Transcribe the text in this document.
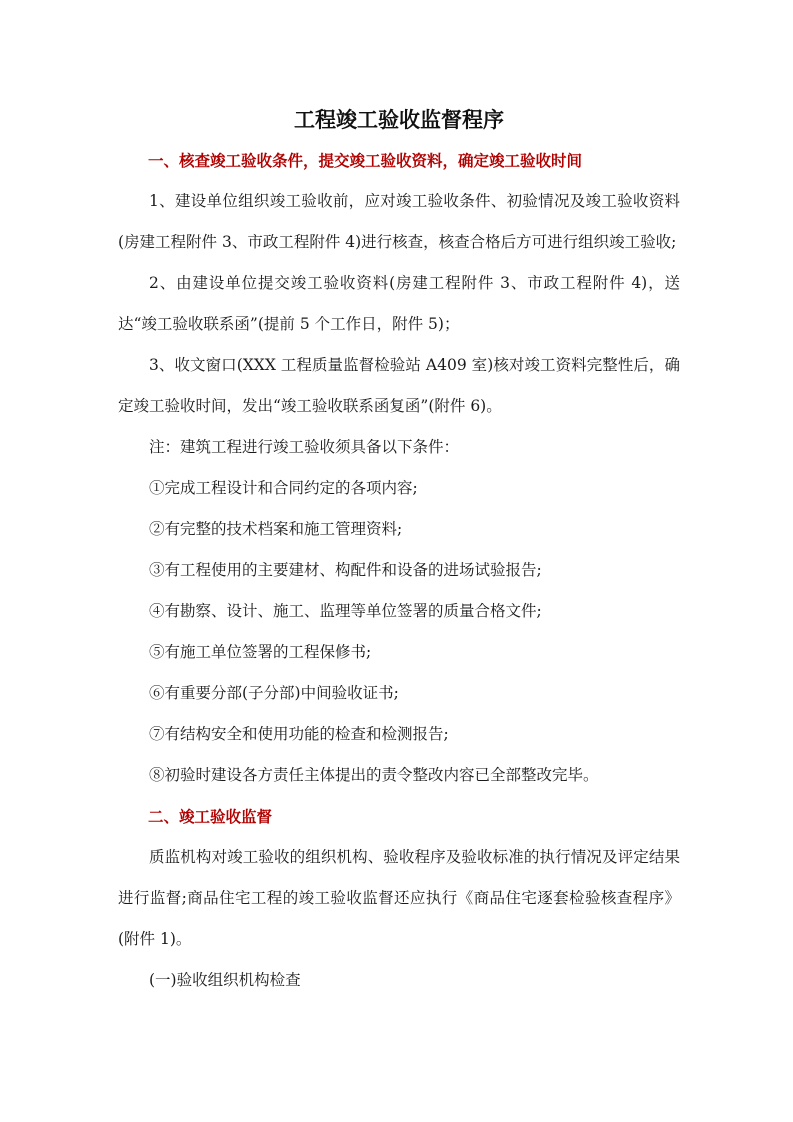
工程竣工验收监督程序
一、核查竣工验收条件，提交竣工验收资料，确定竣工验收时间

1、建设单位组织竣工验收前，应对竣工验收条件、初验情况及竣工验收资料(房建工程附件 3、市政工程附件 4)进行核查，核查合格后方可进行组织竣工验收;

2、由建设单位提交竣工验收资料(房建工程附件 3、市政工程附件 4)，送达“竣工验收联系函”(提前 5 个工作日，附件 5)；

3、收文窗口(XXX 工程质量监督检验站 A409 室)核对竣工资料完整性后，确定竣工验收时间，发出“竣工验收联系函复函”(附件 6)。

注：建筑工程进行竣工验收须具备以下条件：

①完成工程设计和合同约定的各项内容;

②有完整的技术档案和施工管理资料;

③有工程使用的主要建材、构配件和设备的进场试验报告;

④有勘察、设计、施工、监理等单位签署的质量合格文件;

⑤有施工单位签署的工程保修书;

⑥有重要分部(子分部)中间验收证书;

⑦有结构安全和使用功能的检查和检测报告;

⑧初验时建设各方责任主体提出的责令整改内容已全部整改完毕。

二、竣工验收监督

质监机构对竣工验收的组织机构、验收程序及验收标准的执行情况及评定结果进行监督;商品住宅工程的竣工验收监督还应执行《商品住宅逐套检验核查程序》(附件 1)。

(一)验收组织机构检查
